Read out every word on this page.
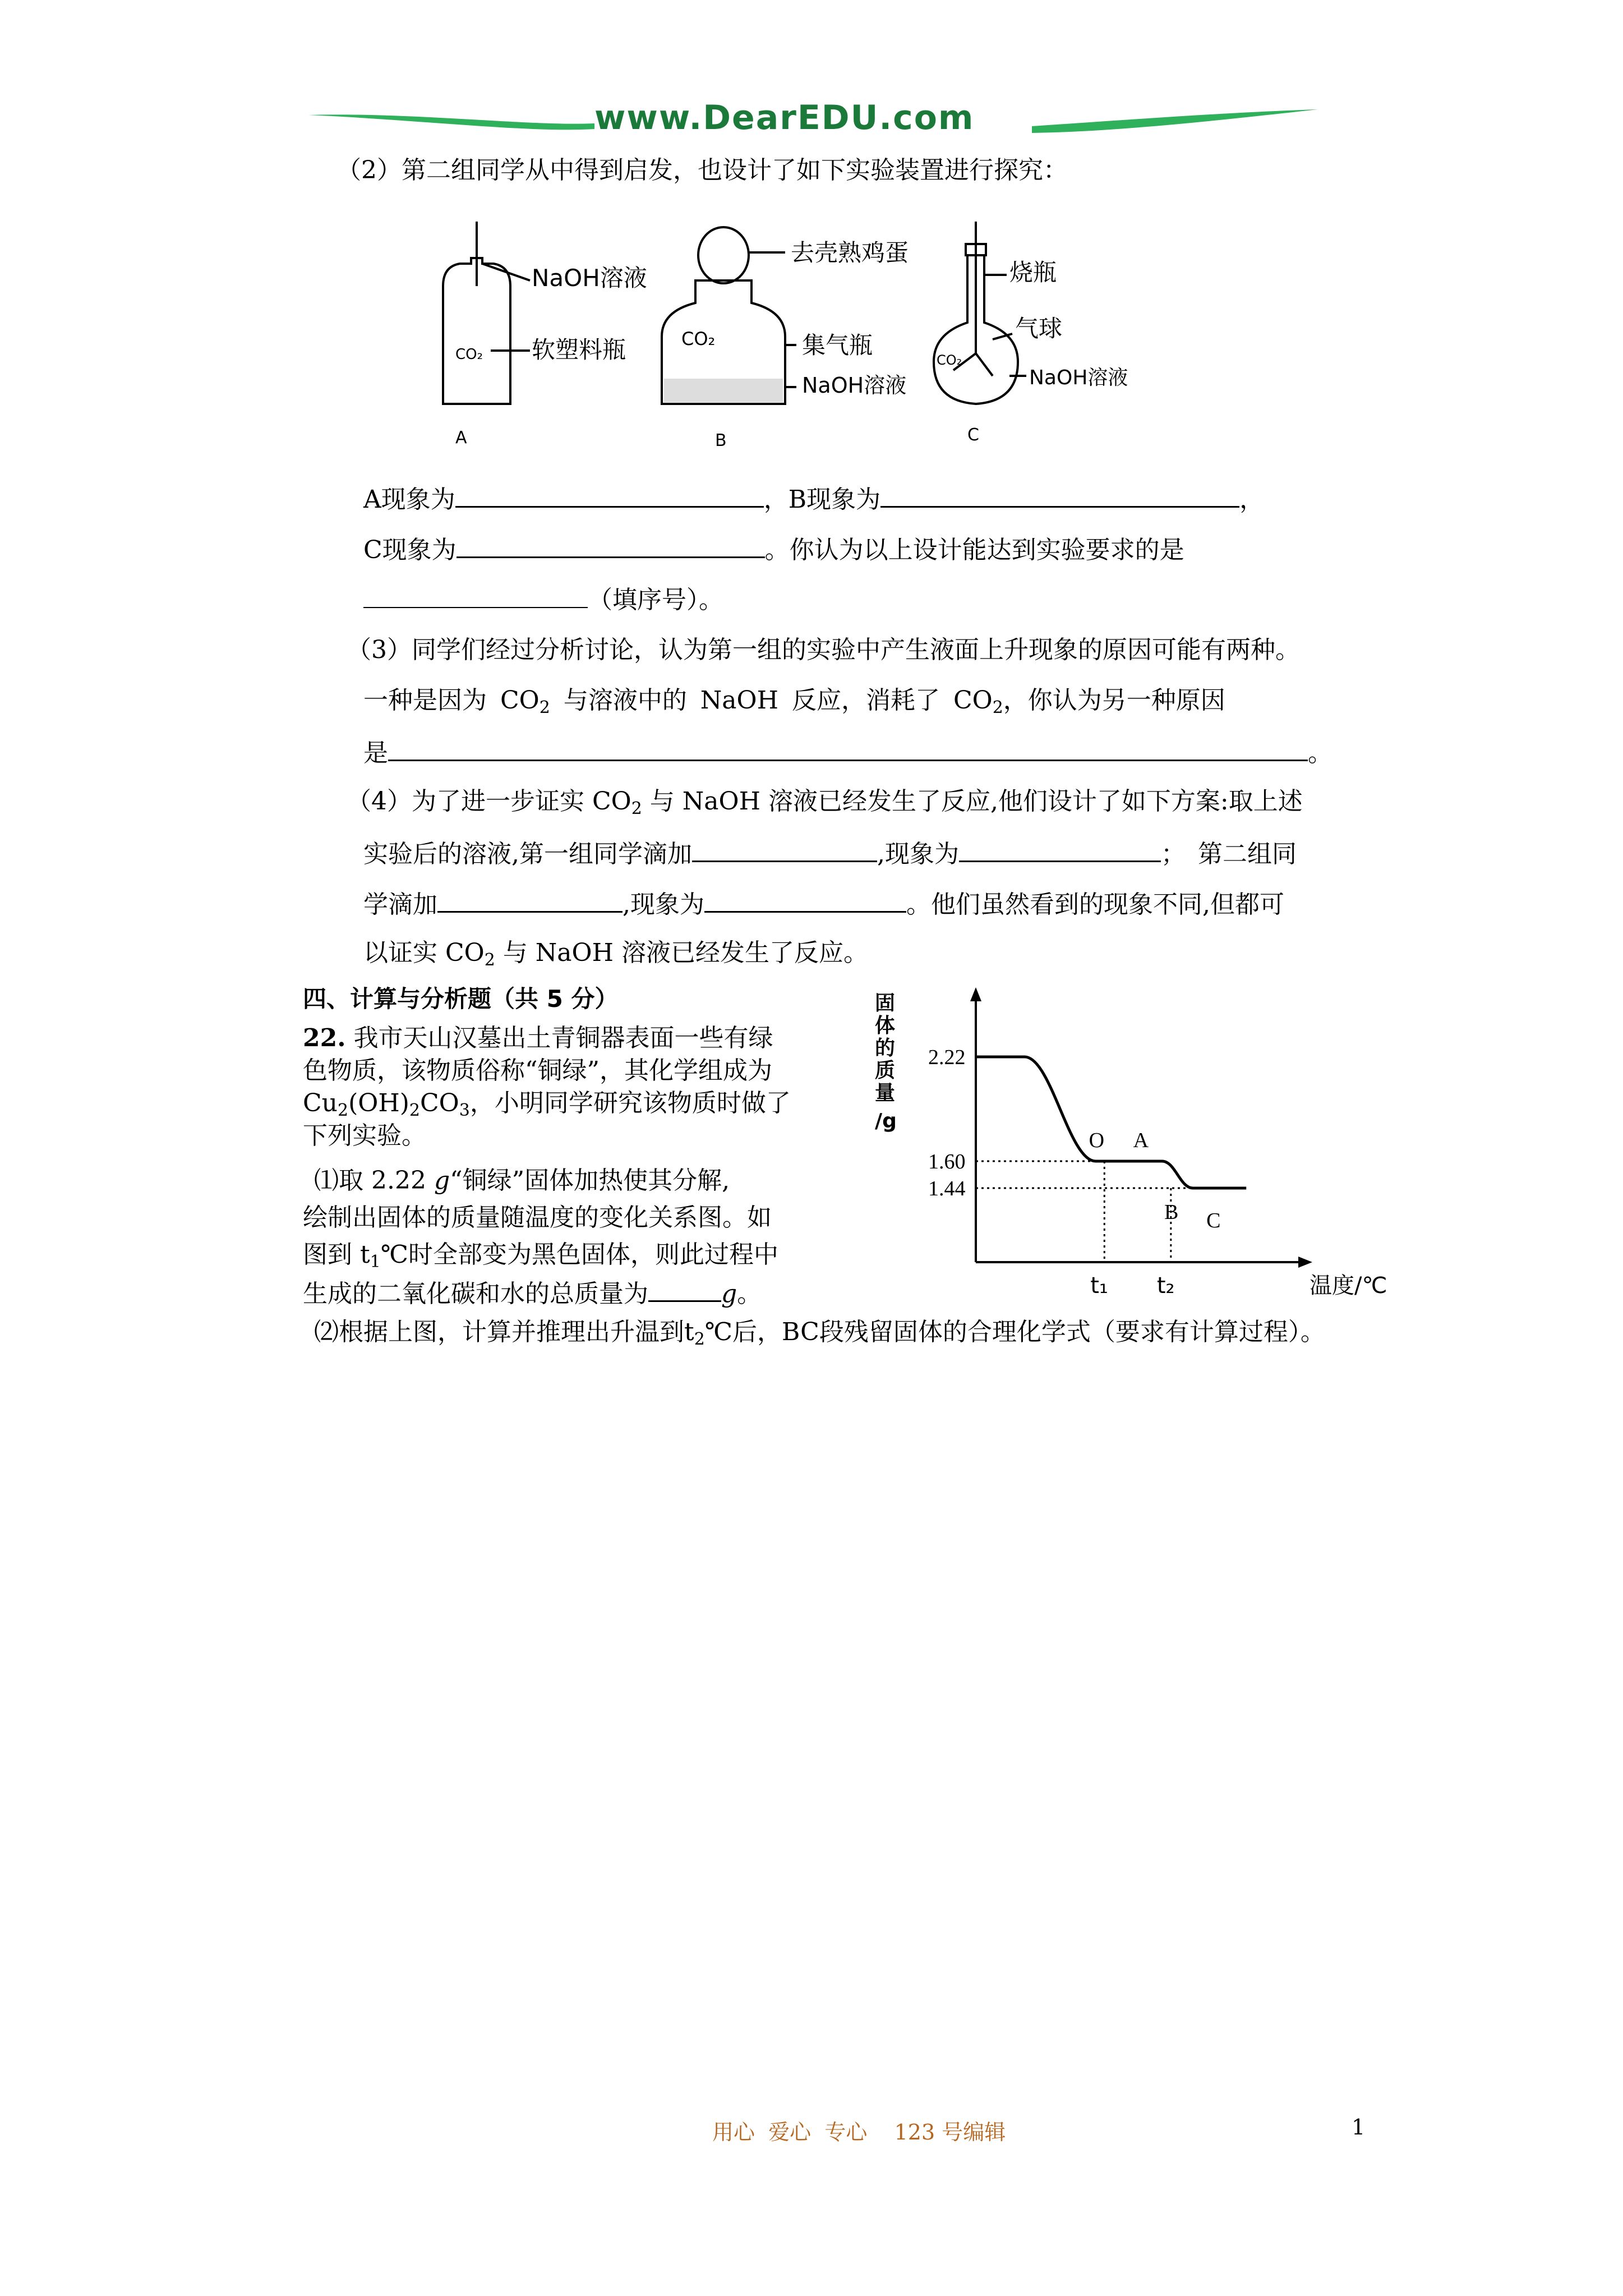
www.DearEDU.com
（2）第二组同学从中得到启发，也设计了如下实验装置进行探究：
CO₂
NaOH溶液
软塑料瓶
A
CO₂
去壳熟鸡蛋
集气瓶
NaOH溶液
B
CO₂
烧瓶
气球
NaOH溶液
C
A现象为	，B现象为	，
C现象为	。你认为以上设计能达到实验要求的是
（填序号）。
（3）同学们经过分析讨论，认为第一组的实验中产生液面上升现象的原因可能有两种。
一种是因为 $CO_2$ 与溶液中的 NaOH 反应，消耗了 $CO_2$，你认为另一种原因
是	。
（4）为了进一步证实 $CO_2$ 与 NaOH 溶液已经发生了反应,他们设计了如下方案:取上述
实验后的溶液,第一组同学滴加	,现象为	；　第二组同
学滴加	,现象为	。他们虽然看到的现象不同,但都可
以证实 $CO_2$ 与 NaOH 溶液已经发生了反应。
四、计算与分析题（共 5 分）
22. 我市天山汉墓出土青铜器表面一些有绿
色物质，该物质俗称“铜绿”，其化学组成为
$Cu_2(OH)_2CO_3$，小明同学研究该物质时做了
下列实验。
⑴取 2.22 g“铜绿”固体加热使其分解,
绘制出固体的质量随温度的变化关系图。如
图到 $t_1℃$时全部变为黑色固体，则此过程中
生成的二氧化碳和水的总质量为	g。
⑵根据上图，计算并推理出升温到$t_2℃$后，BC段残留固体的合理化学式（要求有计算过程）。
固
体
的
质
量
/g
温度/℃
2.22
1.60
1.44
t₁ t₂
O A
B C
用心  爱心  专心    123 号编辑	1
